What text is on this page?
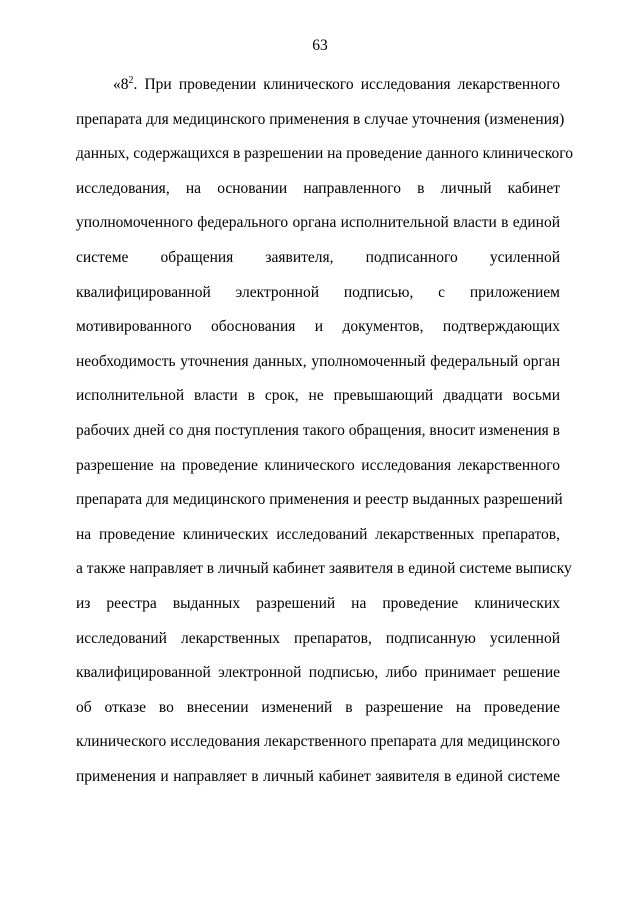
63
«$8^2$. При проведении клинического исследования лекарственного
препарата для медицинского применения в случае уточнения (изменения)
данных, содержащихся в разрешении на проведение данного клинического
исследования, на основании направленного в личный кабинет
уполномоченного федерального органа исполнительной власти в единой
системе обращения заявителя, подписанного усиленной
квалифицированной электронной подписью, с приложением
мотивированного обоснования и документов, подтверждающих
необходимость уточнения данных, уполномоченный федеральный орган
исполнительной власти в срок, не превышающий двадцати восьми
рабочих дней со дня поступления такого обращения, вносит изменения в
разрешение на проведение клинического исследования лекарственного
препарата для медицинского применения и реестр выданных разрешений
на проведение клинических исследований лекарственных препаратов,
а также направляет в личный кабинет заявителя в единой системе выписку
из реестра выданных разрешений на проведение клинических
исследований лекарственных препаратов, подписанную усиленной
квалифицированной электронной подписью, либо принимает решение
об отказе во внесении изменений в разрешение на проведение
клинического исследования лекарственного препарата для медицинского
применения и направляет в личный кабинет заявителя в единой системе
